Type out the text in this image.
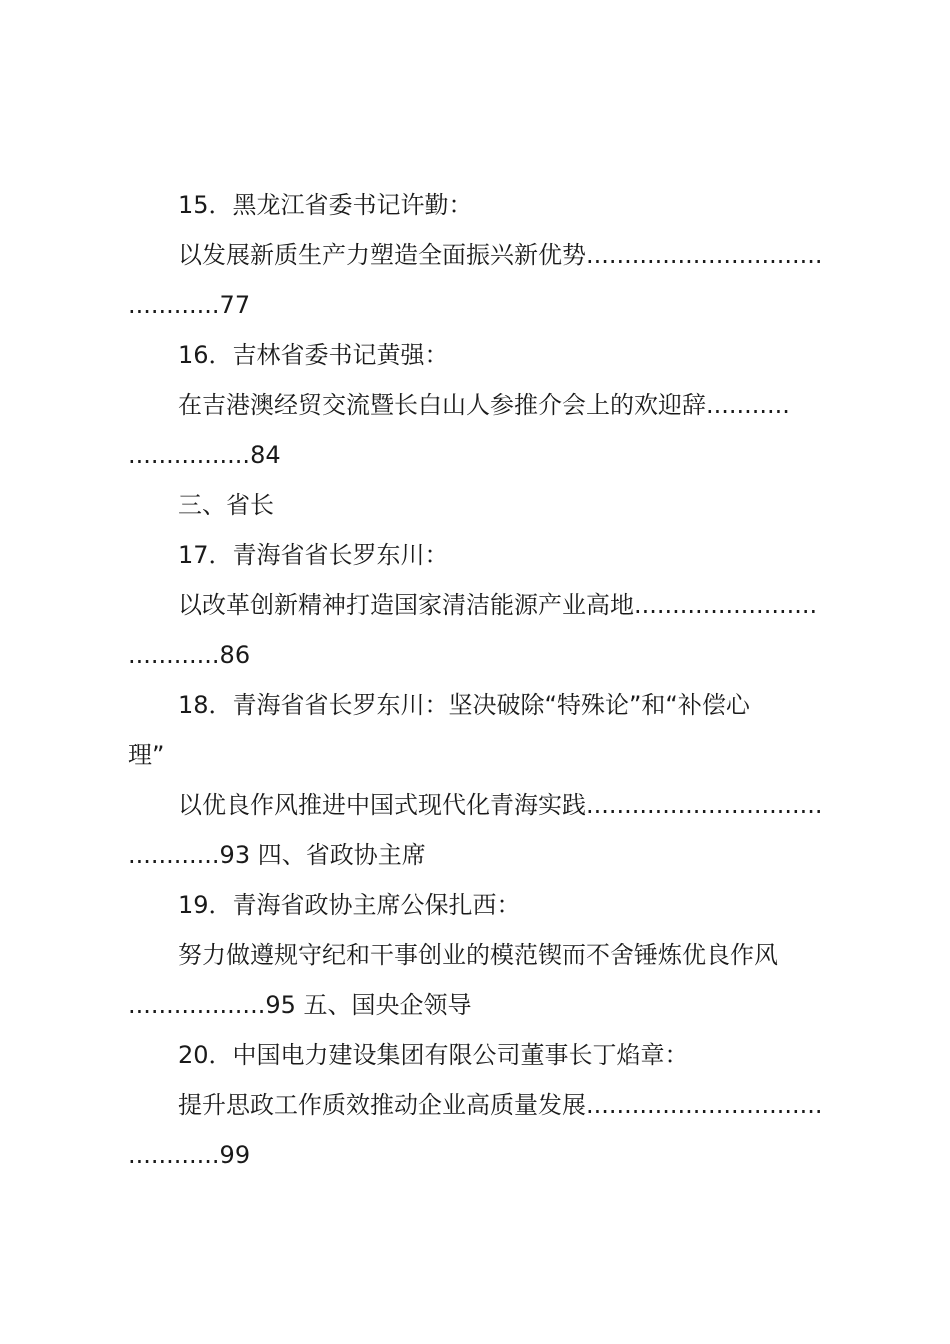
15．黑龙江省委书记许勤：
以发展新质生产力塑造全面振兴新优势...............................
............77
16．吉林省委书记黄强：
在吉港澳经贸交流暨长白山人参推介会上的欢迎辞...........
................84
三、省长
17．青海省省长罗东川：
以改革创新精神打造国家清洁能源产业高地........................
............86
18．青海省省长罗东川：坚决破除“特殊论”和“补偿心
理”
以优良作风推进中国式现代化青海实践...............................
............93 四、省政协主席
19．青海省政协主席公保扎西：
努力做遵规守纪和干事创业的模范锲而不舍锤炼优良作风
..................95 五、国央企领导
20．中国电力建设集团有限公司董事长丁焰章：
提升思政工作质效推动企业高质量发展...............................
............99
